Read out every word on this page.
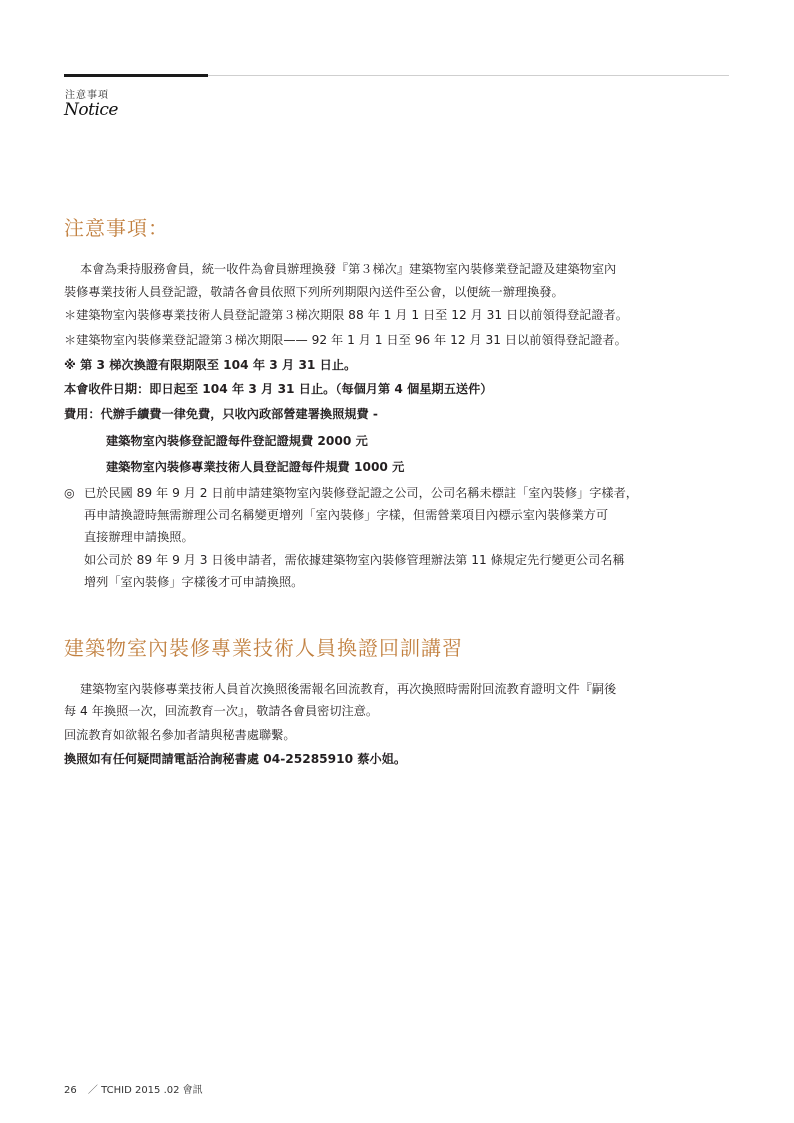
注意事項
Notice
注意事項：
本會為秉持服務會員，統一收件為會員辦理換發『第３梯次』建築物室內裝修業登記證及建築物室內
裝修專業技術人員登記證，敬請各會員依照下列所列期限內送件至公會，以便統一辦理換發。
＊建築物室內裝修專業技術人員登記證第３梯次期限 88 年 1 月 1 日至 12 月 31 日以前領得登記證者。
＊建築物室內裝修業登記證第３梯次期限—— 92 年 1 月 1 日至 96 年 12 月 31 日以前領得登記證者。
※ 第 3 梯次換證有限期限至 104 年 3 月 31 日止。
本會收件日期：即日起至 104 年 3 月 31 日止。（每個月第 4 個星期五送件）
費用：代辦手續費一律免費，只收內政部營建署換照規費 -
建築物室內裝修登記證每件登記證規費 2000 元
建築物室內裝修專業技術人員登記證每件規費 1000 元
◎ 已於民國 89 年 9 月 2 日前申請建築物室內裝修登記證之公司，公司名稱未標註「室內裝修」字樣者，
再申請換證時無需辦理公司名稱變更增列「室內裝修」字樣，但需營業項目內標示室內裝修業方可
直接辦理申請換照。
如公司於 89 年 9 月 3 日後申請者，需依據建築物室內裝修管理辦法第 11 條規定先行變更公司名稱
增列「室內裝修」字樣後才可申請換照。
建築物室內裝修專業技術人員換證回訓講習
建築物室內裝修專業技術人員首次換照後需報名回流教育，再次換照時需附回流教育證明文件『嗣後
每 4 年換照一次，回流教育一次』，敬請各會員密切注意。
回流教育如欲報名參加者請與秘書處聯繫。
換照如有任何疑問請電話洽詢秘書處 04-25285910 蔡小姐。
26 ／ TCHID 2015 .02 會訊
